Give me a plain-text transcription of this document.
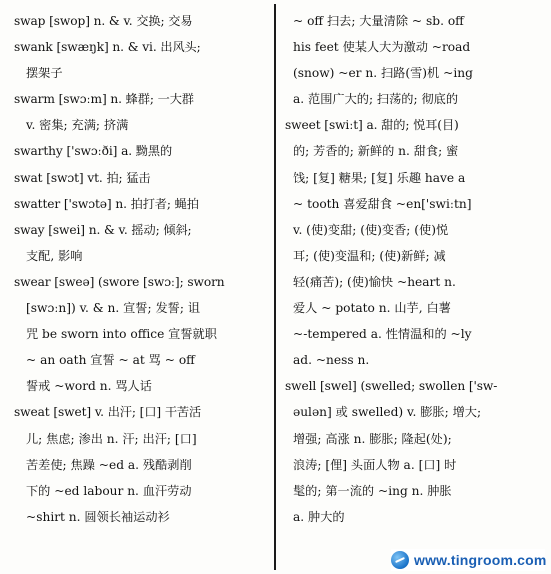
swap [swop] n. & v. 交换; 交易
swank [swæŋk] n. & vi. 出风头;
摆架子
swarm [swɔːm] n. 蜂群; 一大群
v. 密集; 充满; 挤满
swarthy ['swɔːði] a. 黝黑的
swat [swɔt] vt. 拍; 猛击
swatter ['swɔtə] n. 拍打者; 蝇拍
sway [swei] n. & v. 摇动; 倾斜;
支配, 影响
swear [sweə] (swore [swɔː]; sworn
[swɔːn]) v. & n. 宣誓; 发誓; 诅
咒 be sworn into office 宣誓就职
~ an oath 宣誓 ~ at 骂 ~ off
誓戒 ~word n. 骂人话
sweat [swet] v. 出汗; [口] 干苦活
儿; 焦虑; 渗出 n. 汗; 出汗; [口]
苦差使; 焦躁 ~ed a. 残酷剥削
下的 ~ed labour n. 血汗劳动
~shirt n. 圆领长袖运动衫
~ off 扫去; 大量清除 ~ sb. off
his feet 使某人大为激动 ~road
(snow) ~er n. 扫路(雪)机 ~ing
a. 范围广大的; 扫荡的; 彻底的
sweet [swiːt] a. 甜的; 悦耳(目)
的; 芳香的; 新鲜的 n. 甜食; 蜜
饯; [复] 糖果; [复] 乐趣 have a
~ tooth 喜爱甜食 ~en['swiːtn]
v. (使)变甜; (使)变香; (使)悦
耳; (使)变温和; (使)新鲜; 减
轻(痛苦); (使)愉快 ~heart n.
爱人 ~ potato n. 山芋, 白薯
~-tempered a. 性情温和的 ~ly
ad. ~ness n.
swell [swel] (swelled; swollen ['sw-
əulən] 或 swelled) v. 膨胀; 增大;
增强; 高涨 n. 膨胀; 隆起(处);
浪涛; [俚] 头面人物 a. [口] 时
髦的; 第一流的 ~ing n. 肿胀
a. 肿大的
www.tingroom.com
